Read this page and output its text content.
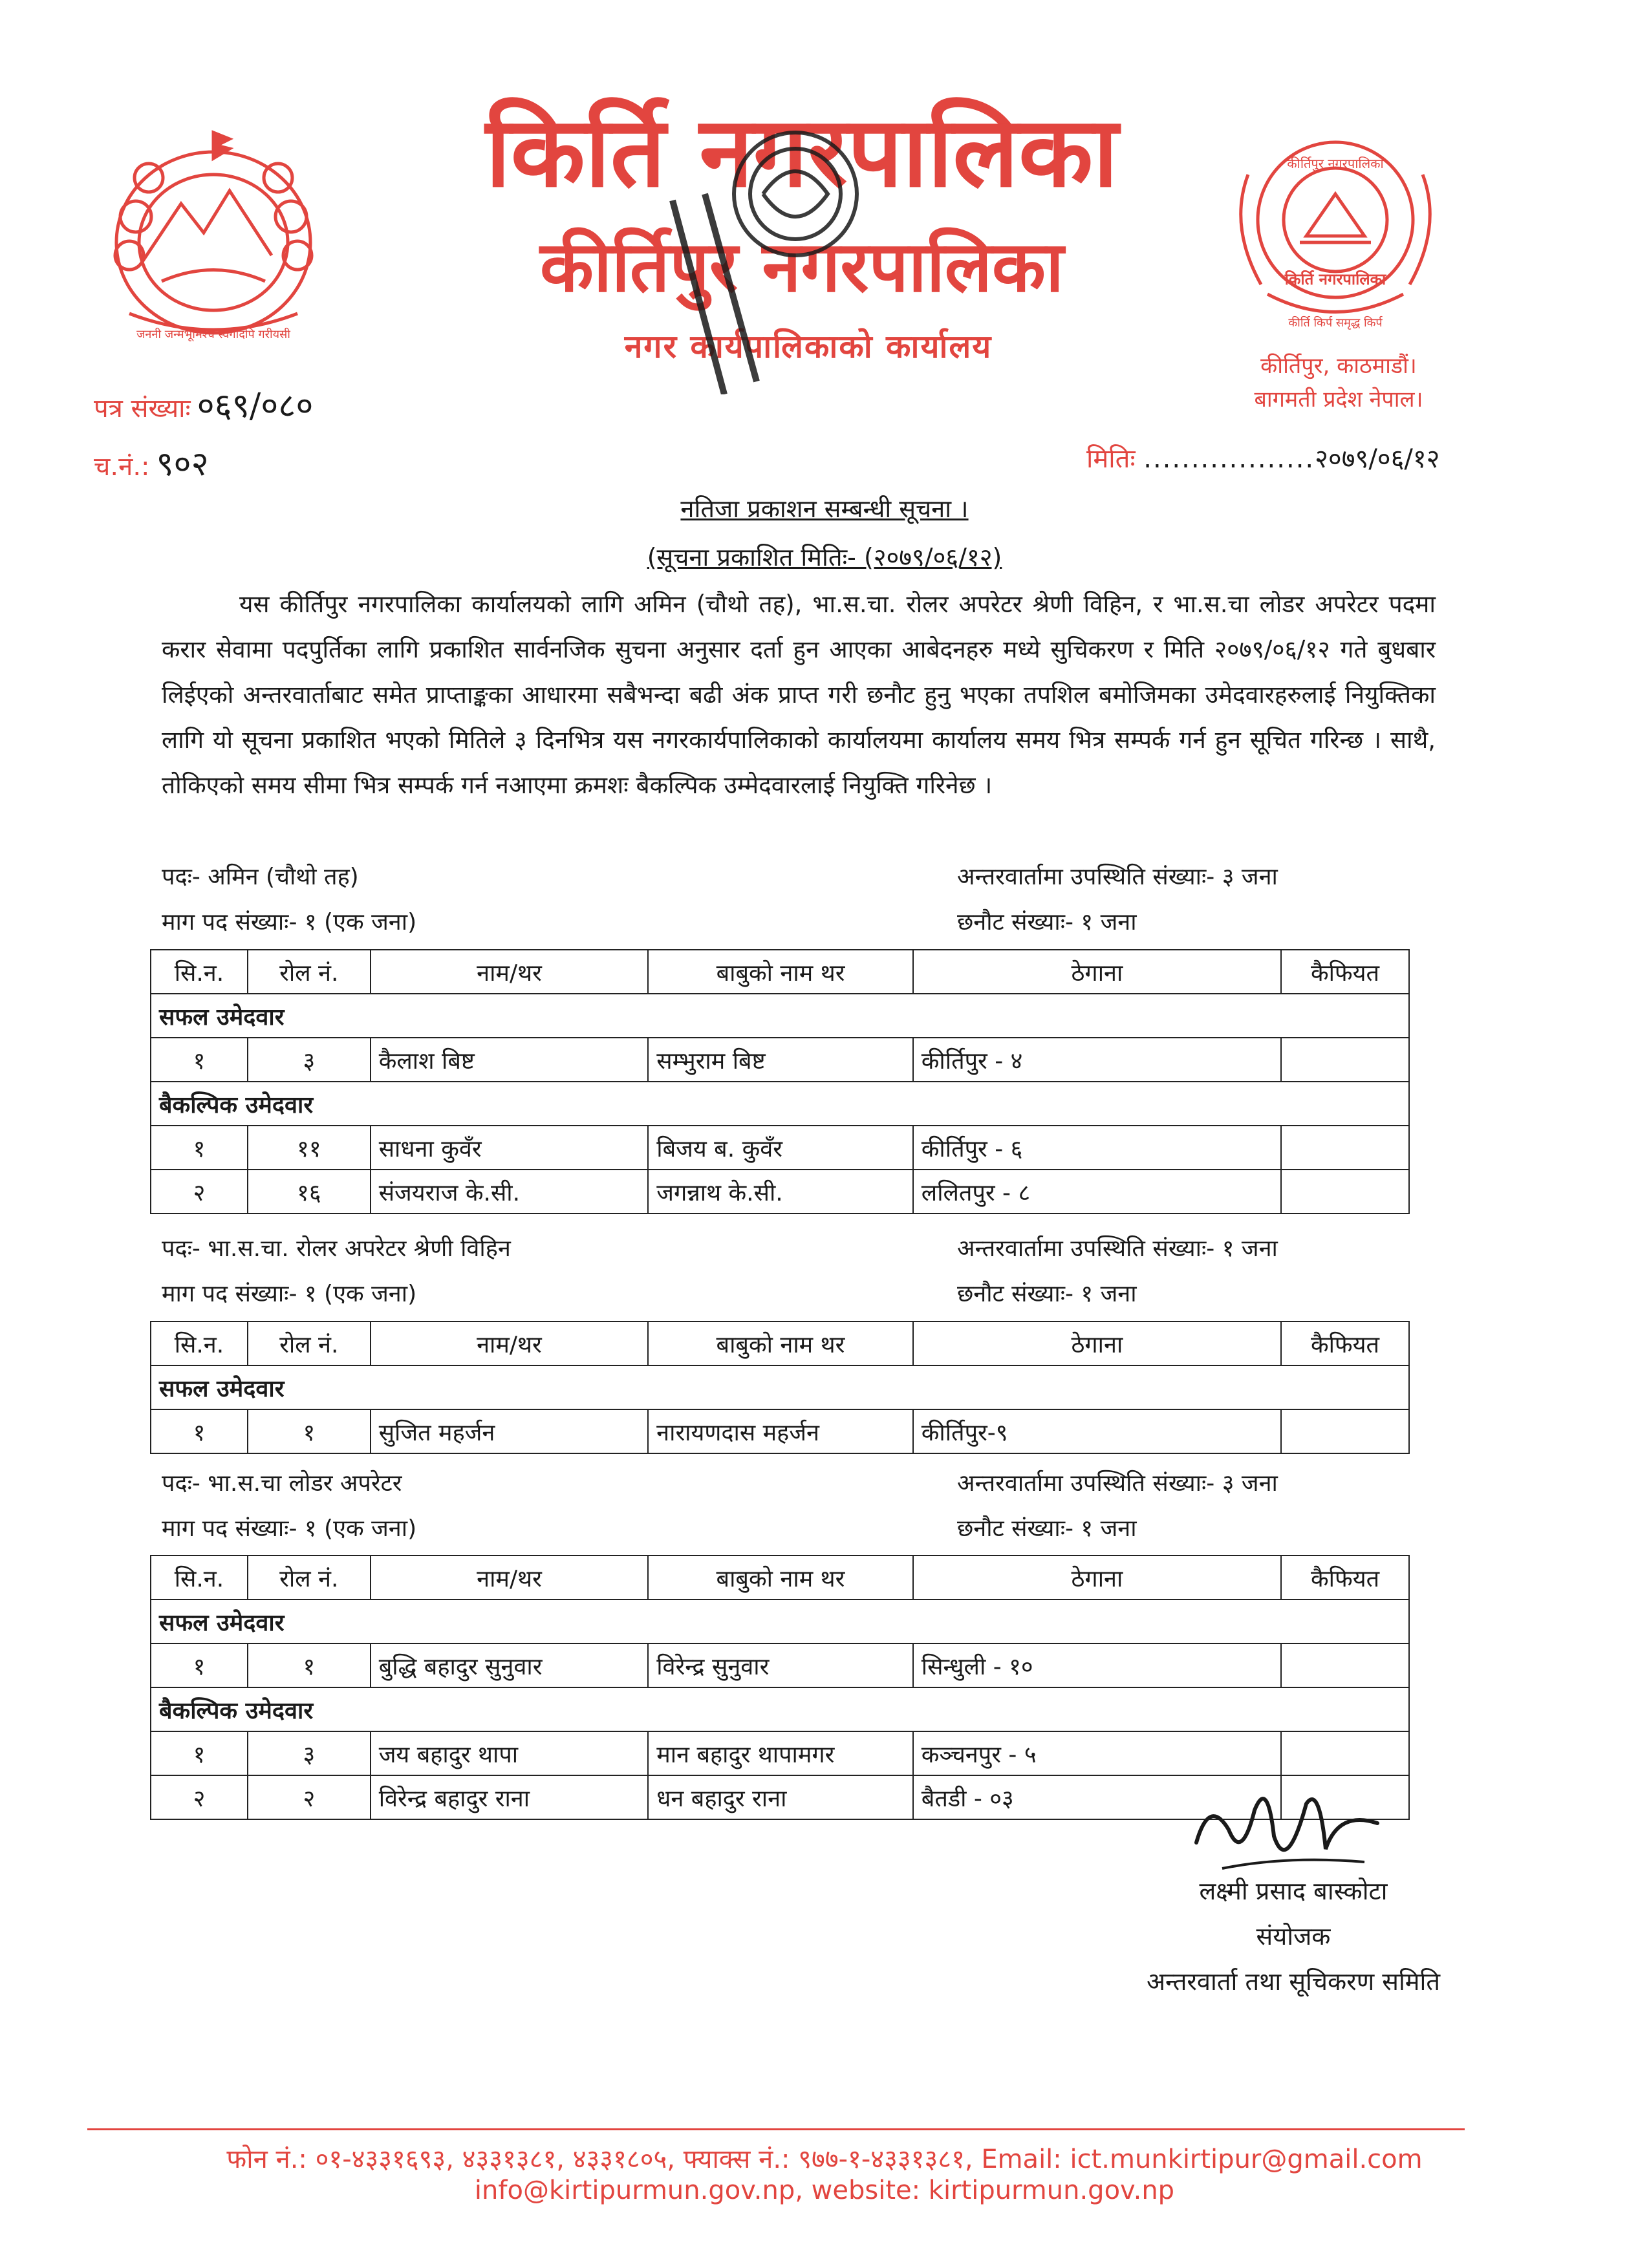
जननी जन्मभूमिश्च स्वर्गादपि गरीयसी
किर्ति नगरपालिका
कीर्तिपुर नगरपालिका
नगर कार्यपालिकाको कार्यालय
कीर्तिपुर नगरपालिका
किर्ति नगरपालिका
कीर्ति किर्प समृद्ध किर्प
कीर्तिपुर, काठमाडौं।
बागमती प्रदेश नेपाल।
पत्र संख्याः ०६९/०८०
च.नं.: ९०२	मितिः ..................२०७९/०६/१२
नतिजा प्रकाशन सम्बन्धी सूचना ।
(सूचना प्रकाशित मितिः- (२०७९/०६/१२)
यस कीर्तिपुर नगरपालिका कार्यालयको लागि अमिन (चौथो तह), भा.स.चा. रोलर अपरेटर श्रेणी विहिन, र भा.स.चा लोडर अपरेटर पदमा करार सेवामा पदपुर्तिका लागि प्रकाशित सार्वनजिक सुचना अनुसार दर्ता हुन आएका आबेदनहरु मध्ये सुचिकरण र मिति २०७९/०६/१२ गते बुधबार लिईएको अन्तरवार्ताबाट समेत प्राप्ताङ्कका आधारमा सबैभन्दा बढी अंक प्राप्त गरी छनौट हुनु भएका तपशिल बमोजिमका उमेदवारहरुलाई नियुक्तिका लागि यो सूचना प्रकाशित भएको मितिले ३ दिनभित्र यस नगरकार्यपालिकाको कार्यालयमा कार्यालय समय भित्र सम्पर्क गर्न हुन सूचित गरिन्छ । साथै, तोकिएको समय सीमा भित्र सम्पर्क गर्न नआएमा क्रमशः बैकल्पिक उम्मेदवारलाई नियुक्ति गरिनेछ ।
पदः- अमिन (चौथो तह)	अन्तरवार्तामा उपस्थिति संख्याः- ३ जना
माग पद संख्याः- १ (एक जना)	छनौट संख्याः- १ जना
सि.न.	रोल नं.	नाम/थर	बाबुको नाम थर	ठेगाना	कैफियत
सफल उमेदवार					
१	३	कैलाश बिष्ट	सम्भुराम बिष्ट	कीर्तिपुर - ४	
बैकल्पिक उमेदवार					
१	११	साधना कुवँर	बिजय ब. कुवँर	कीर्तिपुर - ६	
२	१६	संजयराज के.सी.	जगन्नाथ के.सी.	ललितपुर - ८	
पदः- भा.स.चा. रोलर अपरेटर श्रेणी विहिन	अन्तरवार्तामा उपस्थिति संख्याः- १ जना
माग पद संख्याः- १ (एक जना)	छनौट संख्याः- १ जना
सि.न.	रोल नं.	नाम/थर	बाबुको नाम थर	ठेगाना	कैफियत
सफल उमेदवार					
१	१	सुजित महर्जन	नारायणदास महर्जन	कीर्तिपुर-९	
पदः- भा.स.चा लोडर अपरेटर	अन्तरवार्तामा उपस्थिति संख्याः- ३ जना
माग पद संख्याः- १ (एक जना)	छनौट संख्याः- १ जना
सि.न.	रोल नं.	नाम/थर	बाबुको नाम थर	ठेगाना	कैफियत
सफल उमेदवार					
१	१	बुद्धि बहादुर सुनुवार	विरेन्द्र सुनुवार	सिन्धुली - १०	
बैकल्पिक उमेदवार					
१	३	जय बहादुर थापा	मान बहादुर थापामगर	कञ्चनपुर - ५	
२	२	विरेन्द्र बहादुर राना	धन बहादुर राना	बैतडी - ०३	
लक्ष्मी प्रसाद बास्कोटा
संयोजक
अन्तरवार्ता तथा सूचिकरण समिति
फोन नं.: ०१-४३३१६९३, ४३३१३८१, ४३३१८०५, फ्याक्स नं.: ९७७-१-४३३१३८१, Email: ict.munkirtipur@gmail.com
info@kirtipurmun.gov.np, website: kirtipurmun.gov.np
